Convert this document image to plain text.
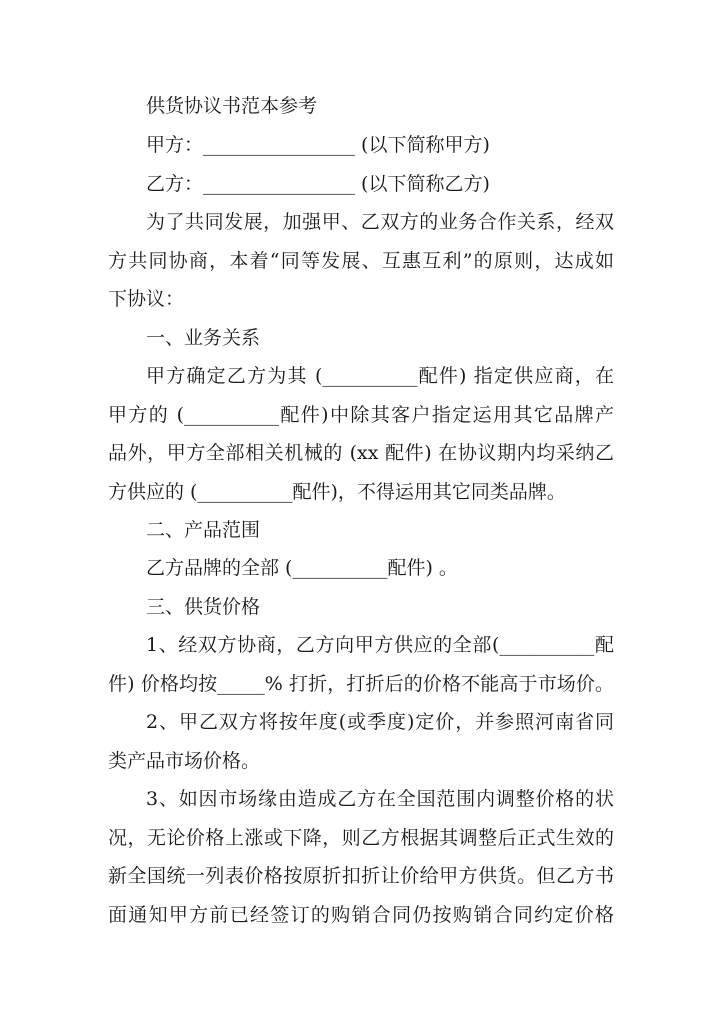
供货协议书范本参考
甲方：________________ (以下简称甲方)
乙方：________________ (以下简称乙方)
为了共同发展，加强甲、乙双方的业务合作关系，经双
方共同协商，本着“同等发展、互惠互利”的原则，达成如
下协议：
一、业务关系
甲方确定乙方为其 (__________配件) 指定供应商，在
甲方的 (__________配件)中除其客户指定运用其它品牌产
品外，甲方全部相关机械的 (xx 配件) 在协议期内均采纳乙
方供应的 (__________配件)，不得运用其它同类品牌。
二、产品范围
乙方品牌的全部 (__________配件) 。
三、供货价格
1、经双方协商，乙方向甲方供应的全部(__________配
件) 价格均按_____% 打折，打折后的价格不能高于市场价。
2、甲乙双方将按年度(或季度)定价，并参照河南省同
类产品市场价格。
3、如因市场缘由造成乙方在全国范围内调整价格的状
况，无论价格上涨或下降，则乙方根据其调整后正式生效的
新全国统一列表价格按原折扣折让价给甲方供货。但乙方书
面通知甲方前已经签订的购销合同仍按购销合同约定价格
